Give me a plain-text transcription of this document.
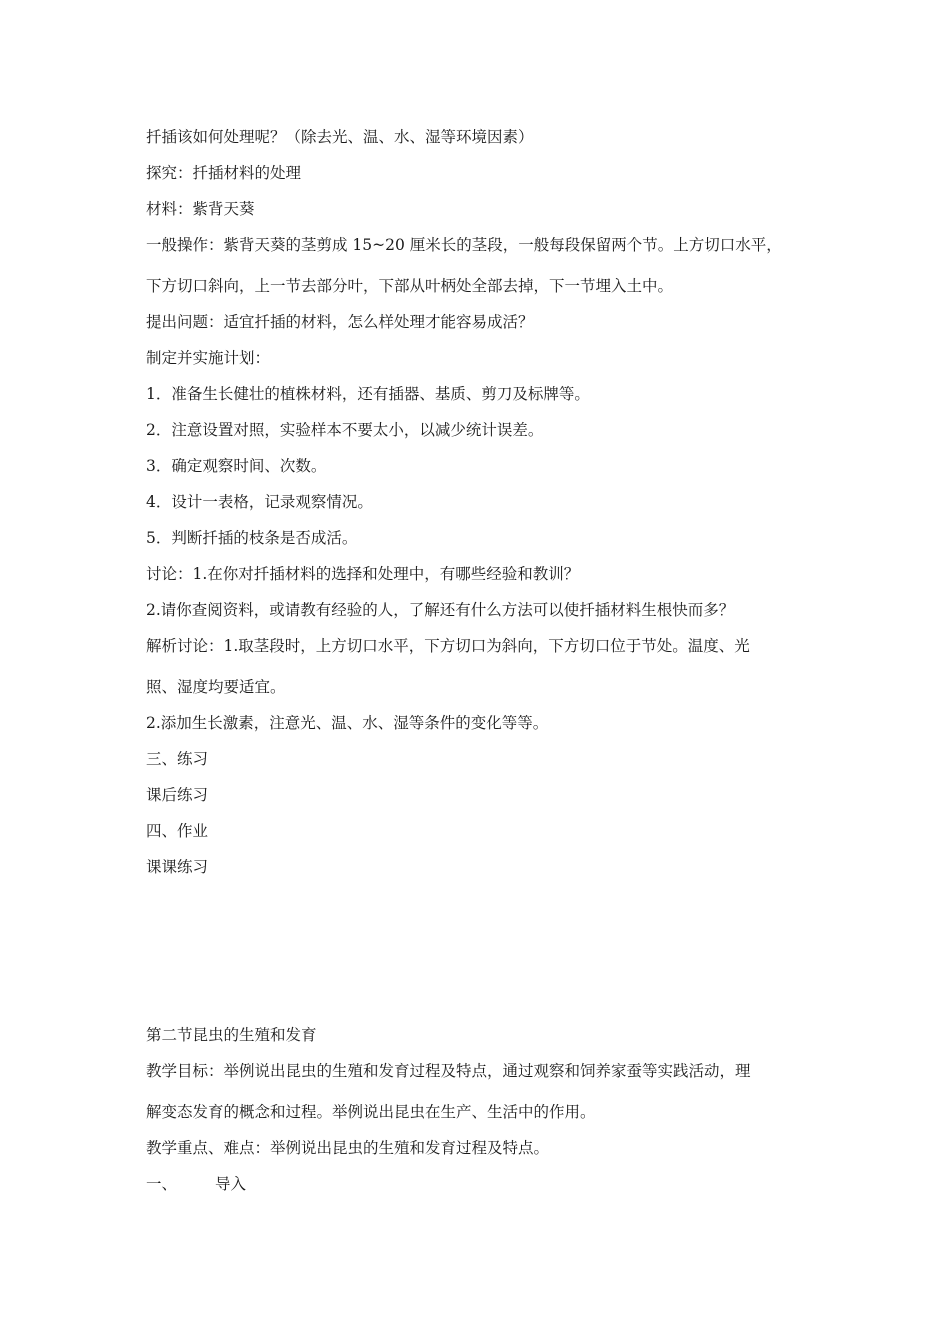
扦插该如何处理呢？（除去光、温、水、湿等环境因素）
探究：扦插材料的处理
材料：紫背天葵
一般操作：紫背天葵的茎剪成 15~20 厘米长的茎段，一般每段保留两个节。上方切口水平，
下方切口斜向，上一节去部分叶，下部从叶柄处全部去掉，下一节埋入土中。
提出问题：适宜扦插的材料，怎么样处理才能容易成活？
制定并实施计划：
1．准备生长健壮的植株材料，还有插器、基质、剪刀及标牌等。
2．注意设置对照，实验样本不要太小，以减少统计误差。
3．确定观察时间、次数。
4．设计一表格，记录观察情况。
5．判断扦插的枝条是否成活。
讨论：1.在你对扦插材料的选择和处理中，有哪些经验和教训？
2.请你查阅资料，或请教有经验的人，了解还有什么方法可以使扦插材料生根快而多？
解析讨论：1.取茎段时，上方切口水平，下方切口为斜向，下方切口位于节处。温度、光
照、湿度均要适宜。
2.添加生长激素，注意光、温、水、湿等条件的变化等等。
三、练习
课后练习
四、作业
课课练习
第二节昆虫的生殖和发育
教学目标：举例说出昆虫的生殖和发育过程及特点，通过观察和饲养家蚕等实践活动，理
解变态发育的概念和过程。举例说出昆虫在生产、生活中的作用。
教学重点、难点：举例说出昆虫的生殖和发育过程及特点。
一、 导入
